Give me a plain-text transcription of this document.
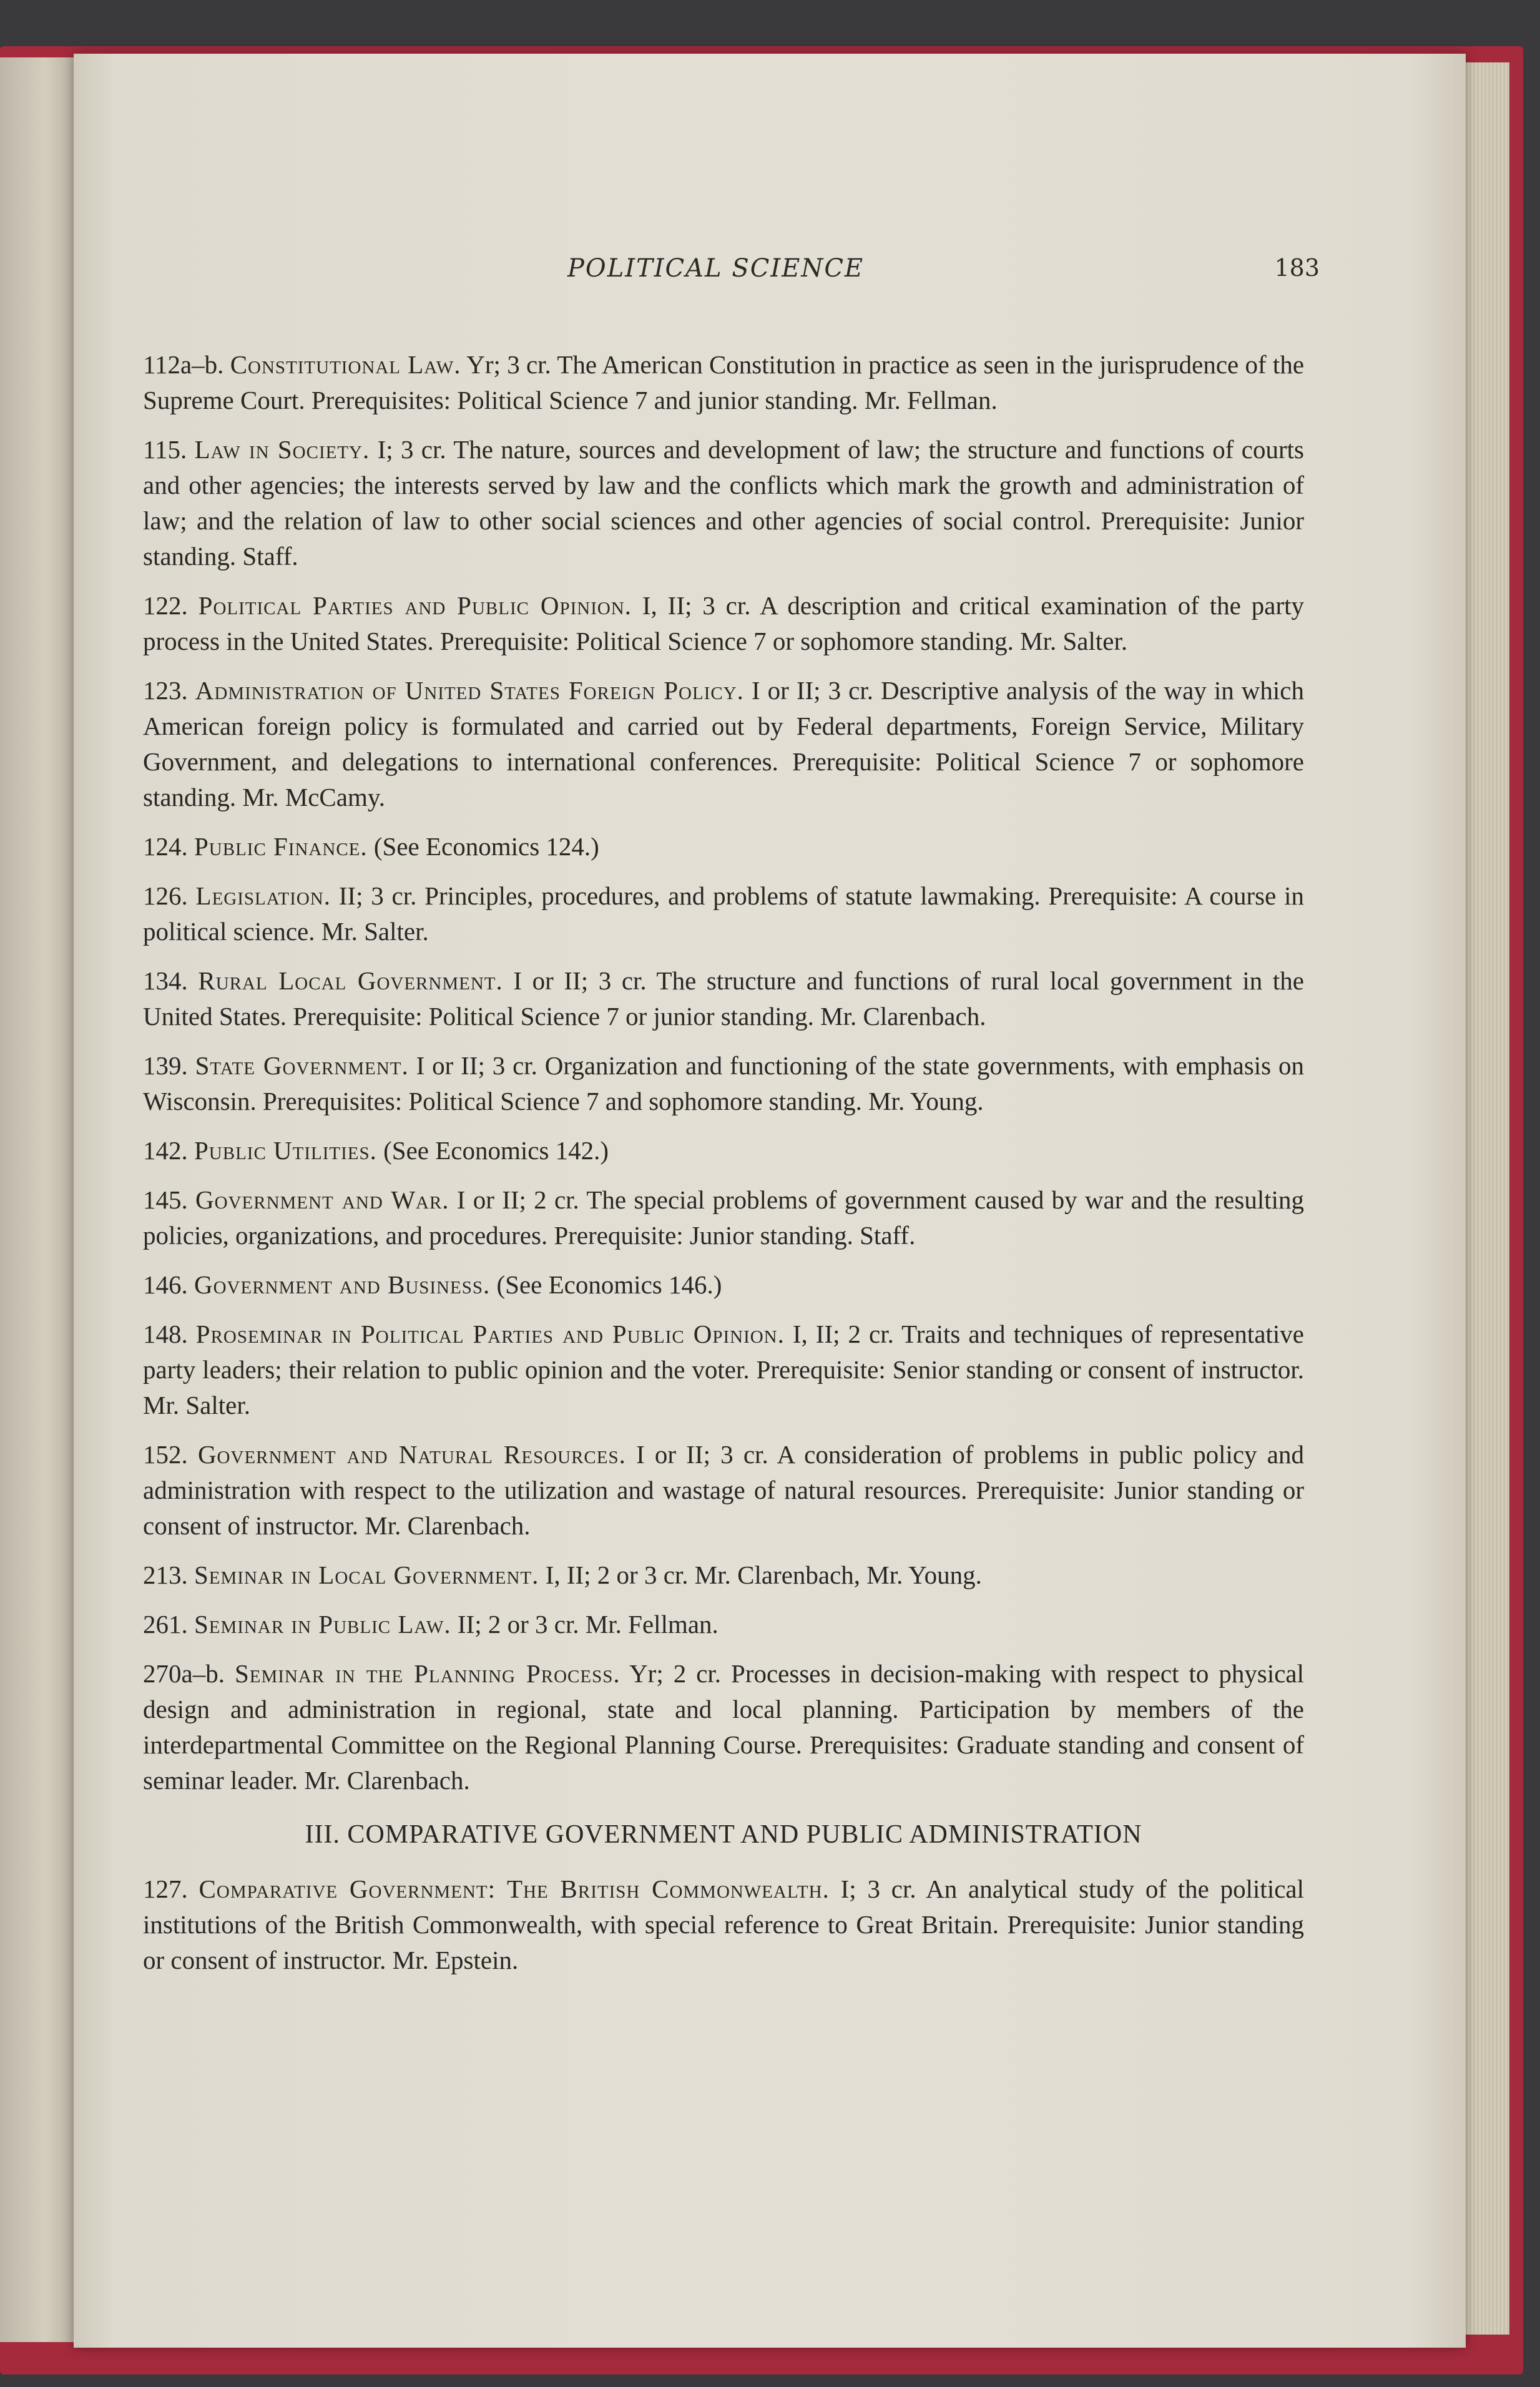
POLITICAL SCIENCE	183

112a–b. Constitutional Law. Yr; 3 cr. The American Constitution in practice as seen in the jurisprudence of the Supreme Court. Prerequisites: Political Science 7 and junior standing. Mr. Fellman.

115. Law in Society. I; 3 cr. The nature, sources and development of law; the structure and functions of courts and other agencies; the interests served by law and the conflicts which mark the growth and administration of law; and the relation of law to other social sciences and other agencies of social control. Prerequisite: Junior standing. Staff.

122. Political Parties and Public Opinion. I, II; 3 cr. A description and critical examination of the party process in the United States. Prerequisite: Political Science 7 or sophomore standing. Mr. Salter.

123. Administration of United States Foreign Policy. I or II; 3 cr. Descriptive analysis of the way in which American foreign policy is formulated and carried out by Federal departments, Foreign Service, Military Government, and delegations to international conferences. Prerequisite: Political Science 7 or sophomore standing. Mr. McCamy.

124. Public Finance. (See Economics 124.)

126. Legislation. II; 3 cr. Principles, procedures, and problems of statute lawmaking. Prerequisite: A course in political science. Mr. Salter.

134. Rural Local Government. I or II; 3 cr. The structure and functions of rural local government in the United States. Prerequisite: Political Science 7 or junior standing. Mr. Clarenbach.

139. State Government. I or II; 3 cr. Organization and functioning of the state governments, with emphasis on Wisconsin. Prerequisites: Political Science 7 and sophomore standing. Mr. Young.

142. Public Utilities. (See Economics 142.)

145. Government and War. I or II; 2 cr. The special problems of government caused by war and the resulting policies, organizations, and procedures. Prerequisite: Junior standing. Staff.

146. Government and Business. (See Economics 146.)

148. Proseminar in Political Parties and Public Opinion. I, II; 2 cr. Traits and techniques of representative party leaders; their relation to public opinion and the voter. Prerequisite: Senior standing or consent of instructor. Mr. Salter.

152. Government and Natural Resources. I or II; 3 cr. A consideration of problems in public policy and administration with respect to the utilization and wastage of natural resources. Prerequisite: Junior standing or consent of instructor. Mr. Clarenbach.

213. Seminar in Local Government. I, II; 2 or 3 cr. Mr. Clarenbach, Mr. Young.

261. Seminar in Public Law. II; 2 or 3 cr. Mr. Fellman.

270a–b. Seminar in the Planning Process. Yr; 2 cr. Processes in decision-making with respect to physical design and administration in regional, state and local planning. Participation by members of the interdepartmental Committee on the Regional Planning Course. Prerequisites: Graduate standing and consent of seminar leader. Mr. Clarenbach.

III. COMPARATIVE GOVERNMENT AND PUBLIC ADMINISTRATION

127. Comparative Government: The British Commonwealth. I; 3 cr. An analytical study of the political institutions of the British Commonwealth, with special reference to Great Britain. Prerequisite: Junior standing or consent of instructor. Mr. Epstein.
